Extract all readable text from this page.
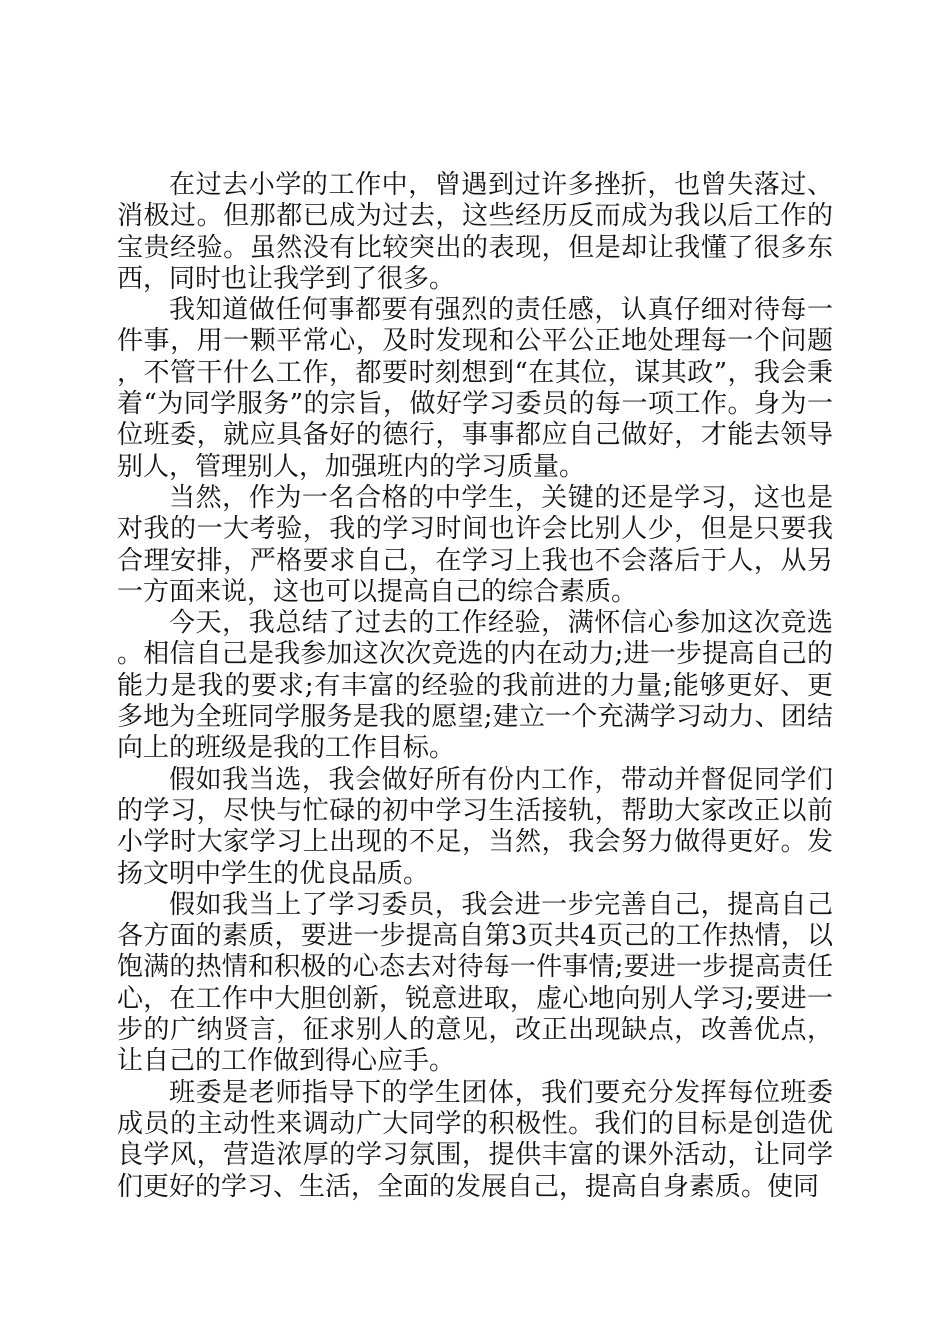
在过去小学的工作中，曾遇到过许多挫折，也曾失落过、消极过。但那都已成为过去，这些经历反而成为我以后工作的宝贵经验。虽然没有比较突出的表现，但是却让我懂了很多东西，同时也让我学到了很多。

我知道做任何事都要有强烈的责任感，认真仔细对待每一件事，用一颗平常心，及时发现和公平公正地处理每一个问题，不管干什么工作，都要时刻想到“在其位，谋其政”，我会秉着“为同学服务”的宗旨，做好学习委员的每一项工作。身为一位班委，就应具备好的德行，事事都应自己做好，才能去领导别人，管理别人，加强班内的学习质量。

当然，作为一名合格的中学生，关键的还是学习，这也是对我的一大考验，我的学习时间也许会比别人少，但是只要我合理安排，严格要求自己，在学习上我也不会落后于人，从另一方面来说，这也可以提高自己的综合素质。

今天，我总结了过去的工作经验，满怀信心参加这次竞选。相信自己是我参加这次次竞选的内在动力;进一步提高自己的能力是我的要求;有丰富的经验的我前进的力量;能够更好、更多地为全班同学服务是我的愿望;建立一个充满学习动力、团结向上的班级是我的工作目标。

假如我当选，我会做好所有份内工作，带动并督促同学们的学习，尽快与忙碌的初中学习生活接轨，帮助大家改正以前小学时大家学习上出现的不足，当然，我会努力做得更好。发扬文明中学生的优良品质。

假如我当上了学习委员，我会进一步完善自己，提高自己各方面的素质，要进一步提高自第3页共4页己的工作热情，以饱满的热情和积极的心态去对待每一件事情;要进一步提高责任心，在工作中大胆创新，锐意进取，虚心地向别人学习;要进一步的广纳贤言，征求别人的意见，改正出现缺点，改善优点，让自己的工作做到得心应手。

班委是老师指导下的学生团体，我们要充分发挥每位班委成员的主动性来调动广大同学的积极性。我们的目标是创造优良学风，营造浓厚的学习氛围，提供丰富的课外活动，让同学们更好的学习、生活，全面的发展自己，提高自身素质。使同
